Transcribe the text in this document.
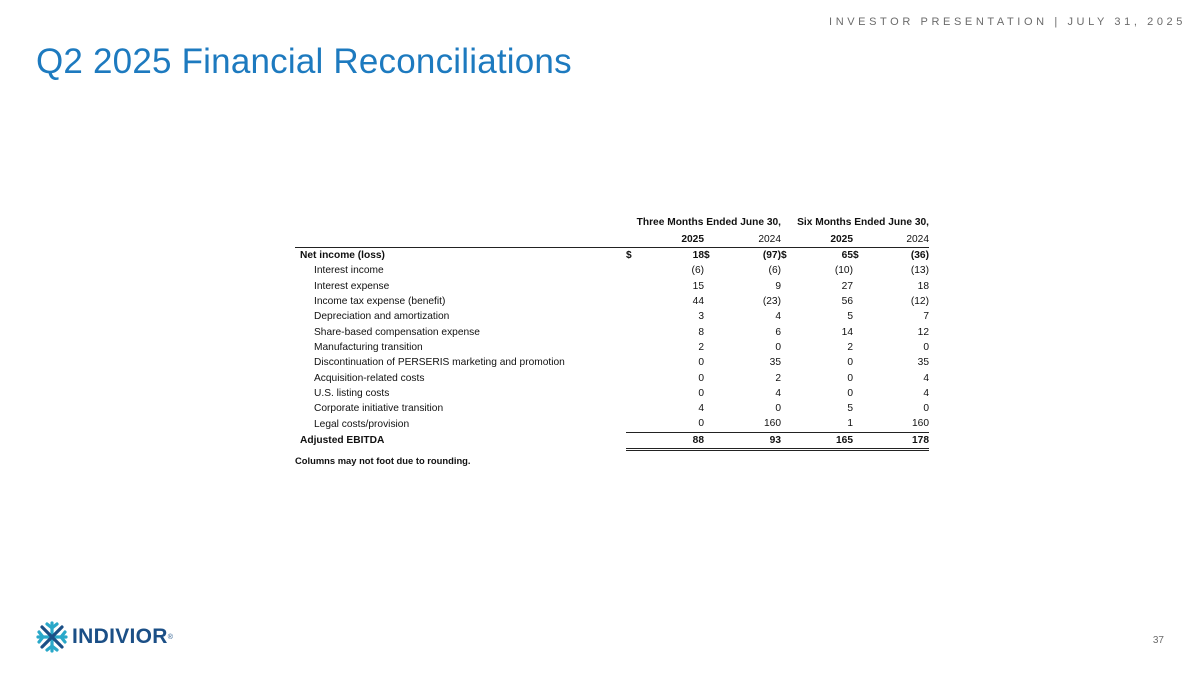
INVESTOR PRESENTATION | JULY 31, 2025
Q2 2025 Financial Reconciliations
	Three Months Ended June 30,		Six Months Ended June 30,	
	2025	2024	2025	2024
Net income (loss)	$ 18	$ (97)	$ 65	$ (36)
Interest income	(6)	(6)	(10)	(13)
Interest expense	15	9	27	18
Income tax expense (benefit)	44	(23)	56	(12)
Depreciation and amortization	3	4	5	7
Share-based compensation expense	8	6	14	12
Manufacturing transition	2	0	2	0
Discontinuation of PERSERIS marketing and promotion	0	35	0	35
Acquisition-related costs	0	2	0	4
U.S. listing costs	0	4	0	4
Corporate initiative transition	4	0	5	0
Legal costs/provision	0	160	1	160
Adjusted EBITDA	88	93	165	178
Columns may not foot due to rounding.				
INDIVIOR ®	37
